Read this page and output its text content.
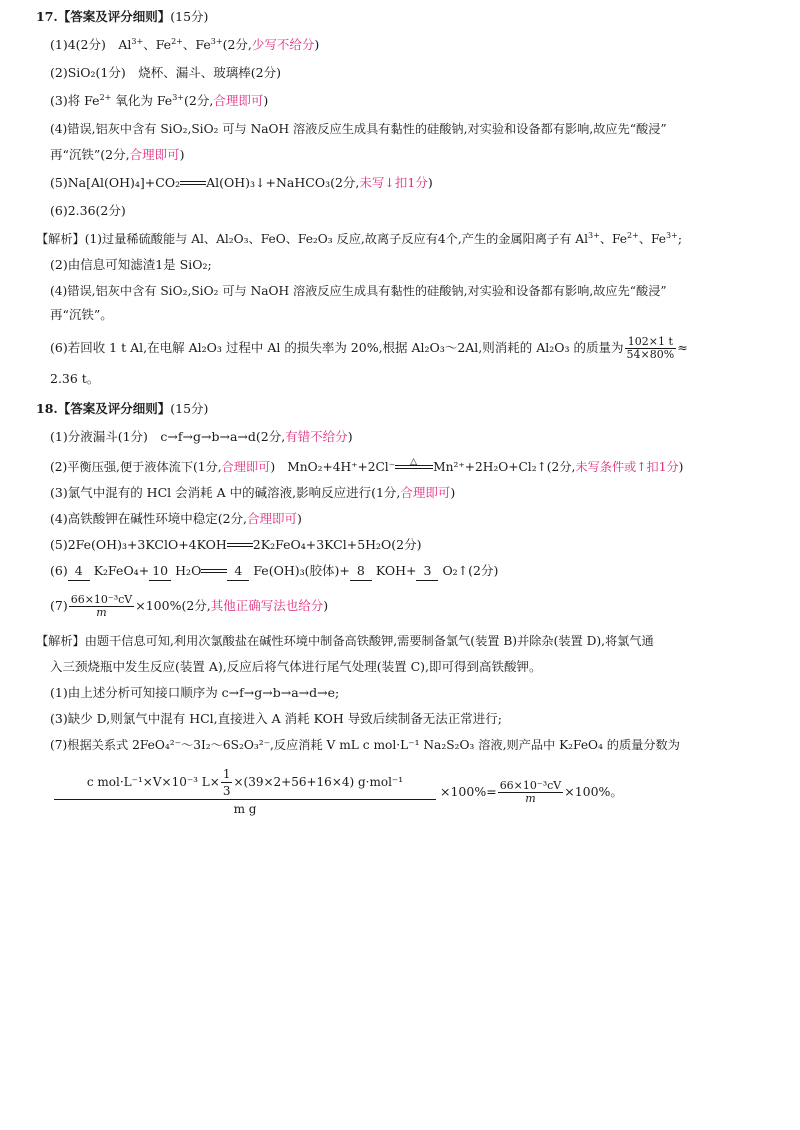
17.【答案及评分细则】(15分)
(1)4(2分)　$Al^{3+}$、$Fe^{2+}$、$Fe^{3+}(2$分,少写不给分)
(2)SiO₂(1分)　烧杯、漏斗、玻璃棒(2分)
(3)将 $Fe^{2+}$ 氧化为 $Fe^{3+}(2$分,合理即可)
(4)错误,铝灰中含有 SiO₂,SiO₂ 可与 NaOH 溶液反应生成具有黏性的硅酸钠,对实验和设备都有影响,故应先“酸浸”
再“沉铁”(2分,合理即可)
(5)Na[Al(OH)₄]+CO₂ Al(OH)₃↓+NaHCO₃(2分,未写↓扣1分)
(6)2.36(2分)
【解析】(1)过量稀硫酸能与 Al、Al₂O₃、FeO、Fe₂O₃ 反应,故离子反应有4个,产生的金属阳离子有 $Al^{3+}$、$Fe^{2+}$、$Fe^{3+}$;
(2)由信息可知滤渣1是 SiO₂;
(4)错误,铝灰中含有 SiO₂,SiO₂ 可与 NaOH 溶液反应生成具有黏性的硅酸钠,对实验和设备都有影响,故应先“酸浸”
再“沉铁”。
(6)若回收 1 t Al,在电解 Al₂O₃ 过程中 Al 的损失率为 20%,根据 Al₂O₃～2Al,则消耗的 Al₂O₃ 的质量为 $\frac{102\times 1 t}{54\times 80\%}$ ≈
2.36 t。
18.【答案及评分细则】(15分)
(1)分液漏斗(1分)　c→f→g→b→a→d(2分,有错不给分)
(2)平衡压强,便于液体流下(1分,合理即可)　MnO₂+4H⁺+2Cl⁻ △ Mn²⁺+2H₂O+Cl₂↑(2分,未写条件或↑扣1分)
(3)氯气中混有的 HCl 会消耗 A 中的碱溶液,影响反应进行(1分,合理即可)
(4)高铁酸钾在碱性环境中稳定(2分,合理即可)
(5)2Fe(OH)₃+3KClO+4KOH 2K₂FeO₄+3KCl+5H₂O(2分)
(6) 4 K₂FeO₄+ 10 H₂O	4 Fe(OH)₃(胶体)+ 8 KOH+ 3 O₂↑(2分)
$(7) \frac{\text{66×10⁻³cV}}{m} \times 100\%(2$分,其他正确写法也给分)
【解析】由题干信息可知,利用次氯酸盐在碱性环境中制备高铁酸钾,需要制备氯气(装置 B)并除杂(装置 D),将氯气通
入三颈烧瓶中发生反应(装置 A),反应后将气体进行尾气处理(装置 C),即可得到高铁酸钾。
(1)由上述分析可知接口顺序为 c→f→g→b→a→d→e;
(3)缺少 D,则氯气中混有 HCl,直接进入 A 消耗 KOH 导致后续制备无法正常进行;
(7)根据关系式 2FeO₄²⁻～3I₂～6S₂O₃²⁻,反应消耗 V mL c mol·L⁻¹ Na₂S₂O₃ 溶液,则产品中 K₂FeO₄ 的质量分数为
c mol·L⁻¹×V×10⁻³ $L\times \frac{1}{3} \times(39\times 2+56+16\times 4)$ g·mol⁻¹
m g
$\times 100\%= \frac{\text{66×10⁻³cV}}{m} \times 100\%$。
